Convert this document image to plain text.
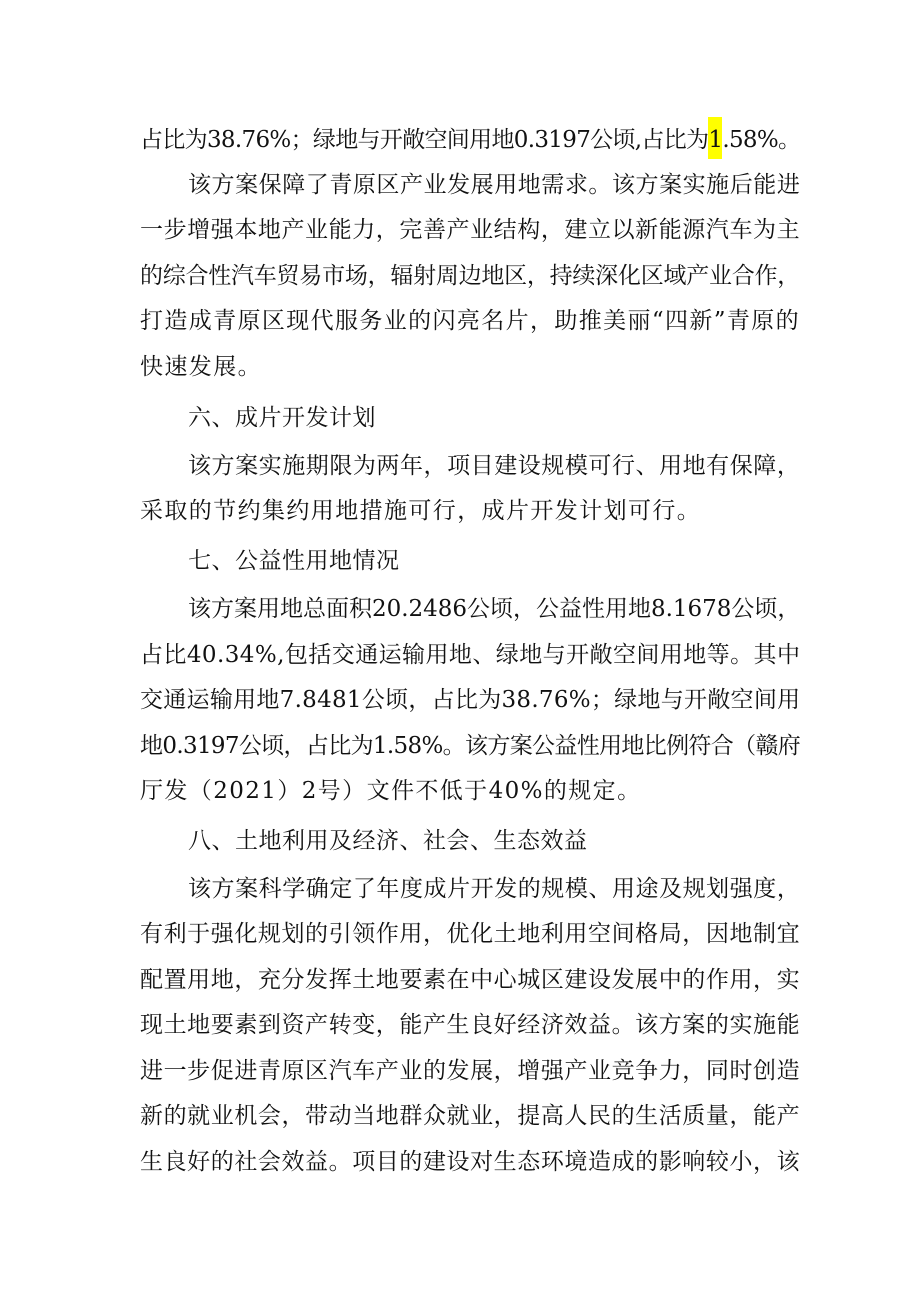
占比为38.76%；绿地与开敞空间用地0.3197公顷,占比为1.58%。
该方案保障了青原区产业发展用地需求。该方案实施后能进
一步增强本地产业能力，完善产业结构，建立以新能源汽车为主
的综合性汽车贸易市场，辐射周边地区，持续深化区域产业合作，
打造成青原区现代服务业的闪亮名片，助推美丽“四新”青原的
快速发展。
六、成片开发计划
该方案实施期限为两年，项目建设规模可行、用地有保障，
采取的节约集约用地措施可行，成片开发计划可行。
七、公益性用地情况
该方案用地总面积20.2486公顷，公益性用地8.1678公顷，
占比40.34%,包括交通运输用地、绿地与开敞空间用地等。其中
交通运输用地7.8481公顷，占比为38.76%；绿地与开敞空间用
地0.3197公顷，占比为1.58%。该方案公益性用地比例符合（赣府
厅发（2021）2号）文件不低于40%的规定。
八、土地利用及经济、社会、生态效益
该方案科学确定了年度成片开发的规模、用途及规划强度，
有利于强化规划的引领作用，优化土地利用空间格局，因地制宜
配置用地，充分发挥土地要素在中心城区建设发展中的作用，实
现土地要素到资产转变，能产生良好经济效益。该方案的实施能
进一步促进青原区汽车产业的发展，增强产业竞争力，同时创造
新的就业机会，带动当地群众就业，提高人民的生活质量，能产
生良好的社会效益。项目的建设对生态环境造成的影响较小，该
